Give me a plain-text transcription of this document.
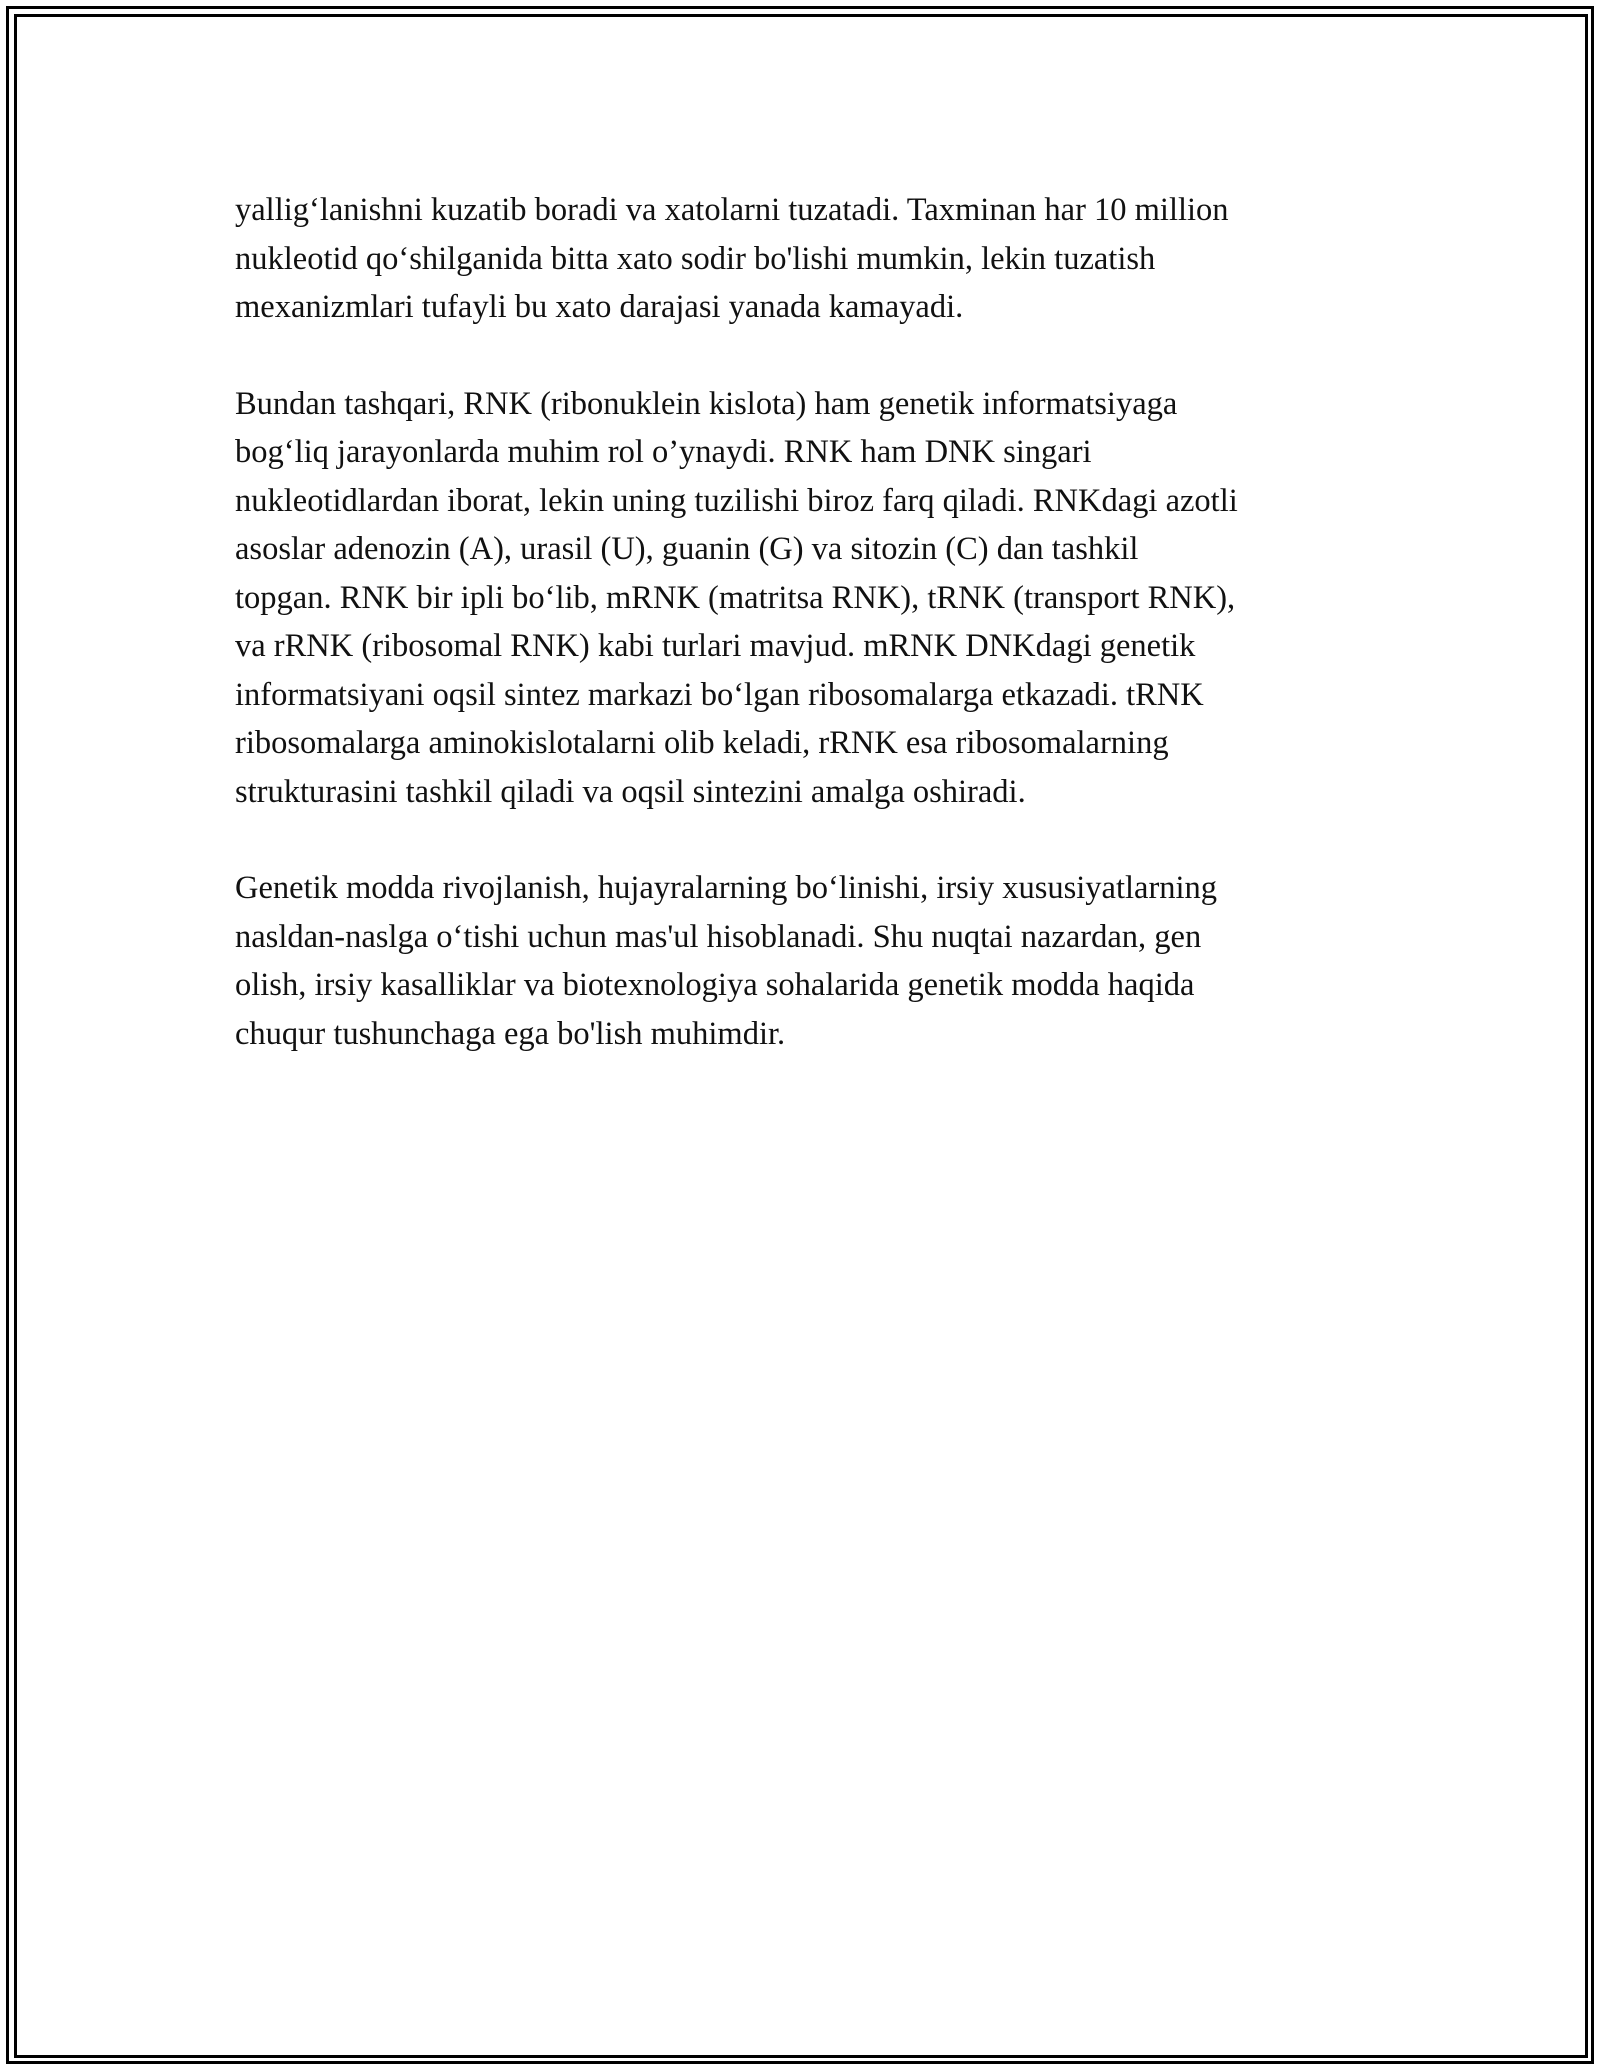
yallig‘lanishni kuzatib boradi va xatolarni tuzatadi. Taxminan har 10 million
nukleotid qo‘shilganida bitta xato sodir bo'lishi mumkin, lekin tuzatish
mexanizmlari tufayli bu xato darajasi yanada kamayadi.

Bundan tashqari, RNK (ribonuklein kislota) ham genetik informatsiyaga
bog‘liq jarayonlarda muhim rol o’ynaydi. RNK ham DNK singari
nukleotidlardan iborat, lekin uning tuzilishi biroz farq qiladi. RNKdagi azotli
asoslar adenozin (A), urasil (U), guanin (G) va sitozin (C) dan tashkil
topgan. RNK bir ipli bo‘lib, mRNK (matritsa RNK), tRNK (transport RNK),
va rRNK (ribosomal RNK) kabi turlari mavjud. mRNK DNKdagi genetik
informatsiyani oqsil sintez markazi bo‘lgan ribosomalarga etkazadi. tRNK
ribosomalarga aminokislotalarni olib keladi, rRNK esa ribosomalarning
strukturasini tashkil qiladi va oqsil sintezini amalga oshiradi.

Genetik modda rivojlanish, hujayralarning bo‘linishi, irsiy xususiyatlarning
nasldan-naslga o‘tishi uchun mas'ul hisoblanadi. Shu nuqtai nazardan, gen
olish, irsiy kasalliklar va biotexnologiya sohalarida genetik modda haqida
chuqur tushunchaga ega bo'lish muhimdir.
